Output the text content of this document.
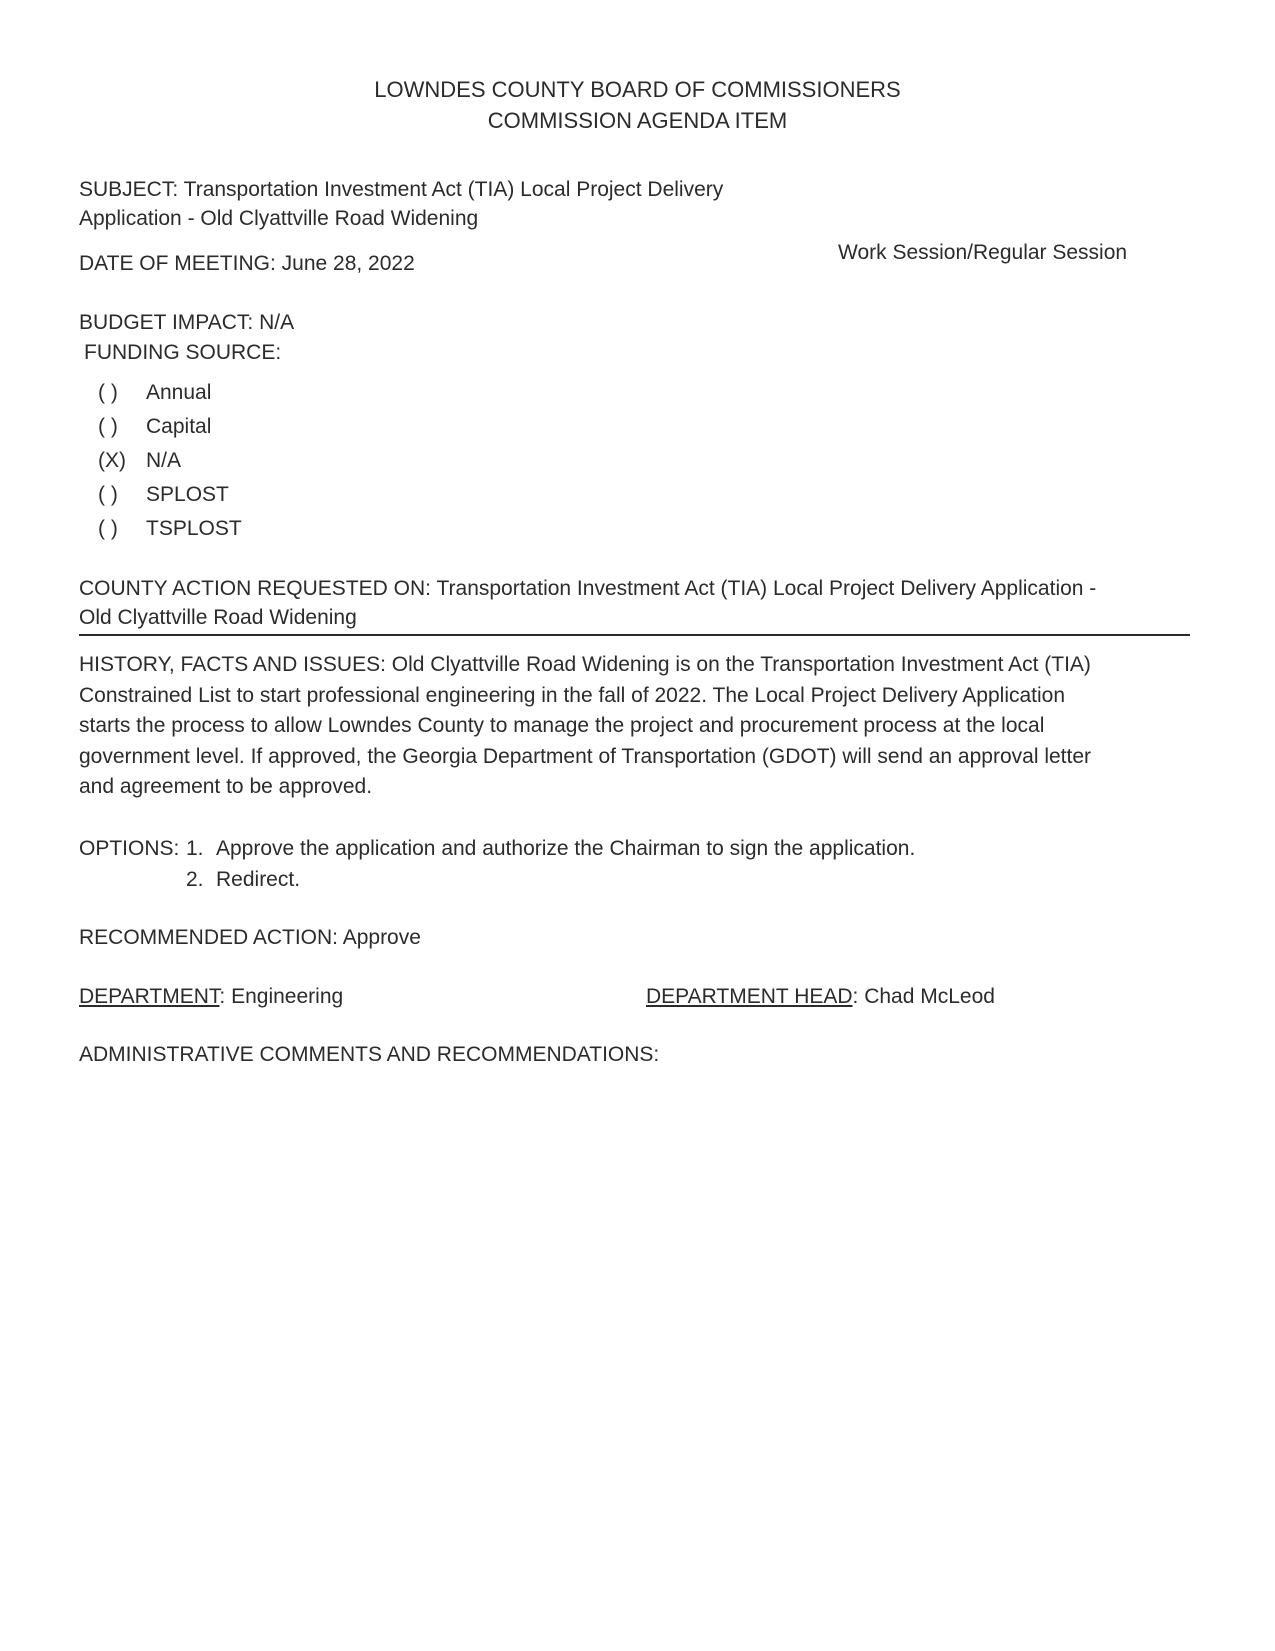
LOWNDES COUNTY BOARD OF COMMISSIONERS
COMMISSION AGENDA ITEM
SUBJECT: Transportation Investment Act (TIA) Local Project Delivery
Application - Old Clyattville Road Widening
DATE OF MEETING: June 28, 2022	Work Session/Regular Session
BUDGET IMPACT: N/A
FUNDING SOURCE:
( )	Annual
( )	Capital
(X) N/A
( )	SPLOST
( )	TSPLOST
COUNTY ACTION REQUESTED ON: Transportation Investment Act (TIA) Local Project Delivery Application -
Old Clyattville Road Widening
HISTORY, FACTS AND ISSUES: Old Clyattville Road Widening is on the Transportation Investment Act (TIA)
Constrained List to start professional engineering in the fall of 2022. The Local Project Delivery Application
starts the process to allow Lowndes County to manage the project and procurement process at the local
government level. If approved, the Georgia Department of Transportation (GDOT) will send an approval letter
and agreement to be approved.
OPTIONS: 1. Approve the application and authorize the Chairman to sign the application.
2. Redirect.
RECOMMENDED ACTION: Approve
DEPARTMENT: Engineering	DEPARTMENT HEAD: Chad McLeod
ADMINISTRATIVE COMMENTS AND RECOMMENDATIONS:
